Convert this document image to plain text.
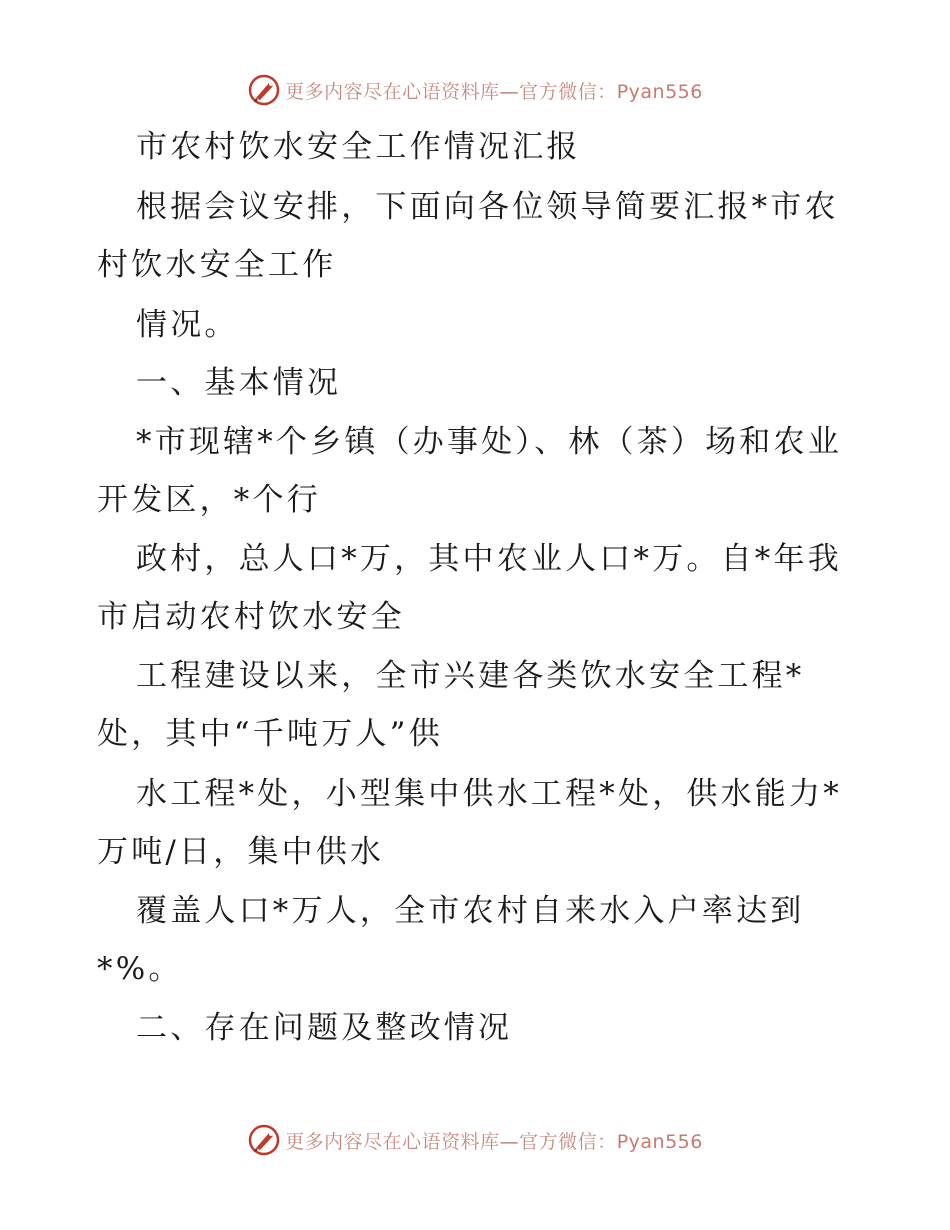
更多内容尽在心语资料库—官方微信：Pyan556
市农村饮水安全工作情况汇报
根据会议安排，下面向各位领导简要汇报*市农
村饮水安全工作
情况。
一、基本情况
*市现辖*个乡镇（办事处）、林（茶）场和农业
开发区，*个行
政村，总人口*万，其中农业人口*万。自*年我
市启动农村饮水安全
工程建设以来，全市兴建各类饮水安全工程*
处，其中“千吨万人”供
水工程*处，小型集中供水工程*处，供水能力*
万吨/日，集中供水
覆盖人口*万人，全市农村自来水入户率达到
*%。
二、存在问题及整改情况
更多内容尽在心语资料库—官方微信：Pyan556
